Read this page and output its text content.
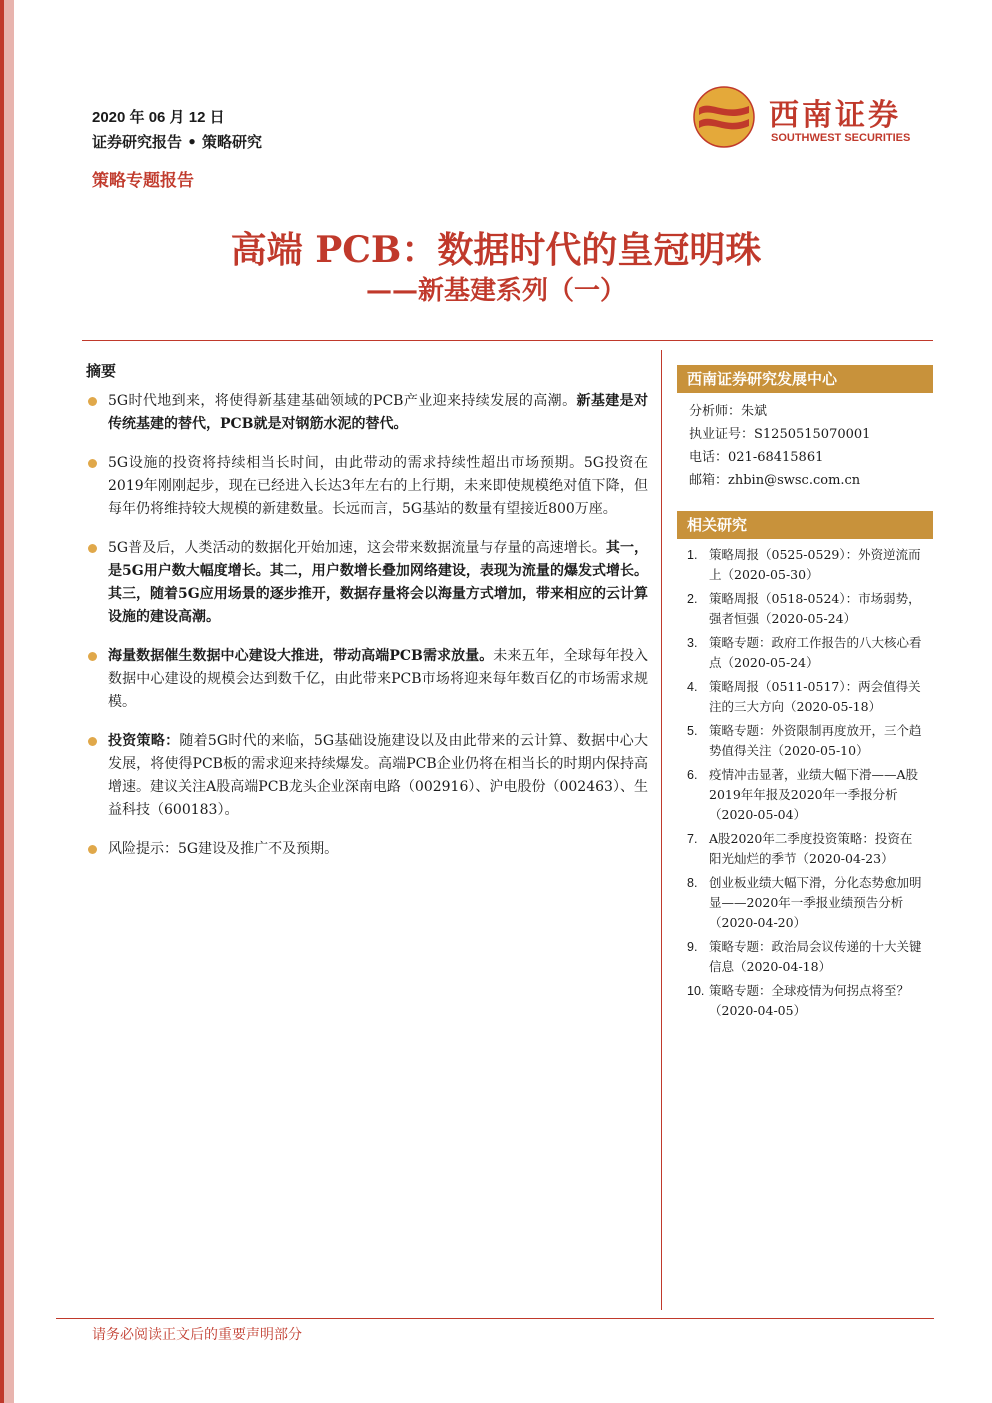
2020 年 06 月 12 日
证券研究报告 • 策略研究
策略专题报告
西南证券
SOUTHWEST SECURITIES
高端 PCB：数据时代的皇冠明珠
——新基建系列（一）
摘要
5G时代地到来，将使得新基建基础领域的PCB产业迎来持续发展的高潮。新基建是对传统基建的替代，PCB就是对钢筋水泥的替代。
5G设施的投资将持续相当长时间，由此带动的需求持续性超出市场预期。5G投资在2019年刚刚起步，现在已经进入长达3年左右的上行期，未来即使规模绝对值下降，但每年仍将维持较大规模的新建数量。长远而言，5G基站的数量有望接近800万座。
5G普及后，人类活动的数据化开始加速，这会带来数据流量与存量的高速增长。其一，是5G用户数大幅度增长。其二，用户数增长叠加网络建设，表现为流量的爆发式增长。其三，随着5G应用场景的逐步推开，数据存量将会以海量方式增加，带来相应的云计算设施的建设高潮。
海量数据催生数据中心建设大推进，带动高端PCB需求放量。未来五年，全球每年投入数据中心建设的规模会达到数千亿，由此带来PCB市场将迎来每年数百亿的市场需求规模。
投资策略：随着5G时代的来临，5G基础设施建设以及由此带来的云计算、数据中心大发展，将使得PCB板的需求迎来持续爆发。高端PCB企业仍将在相当长的时期内保持高增速。建议关注A股高端PCB龙头企业深南电路（002916）、沪电股份（002463）、生益科技（600183）。
风险提示：5G建设及推广不及预期。
西南证券研究发展中心
分析师：朱斌
执业证号：S1250515070001
电话：021-68415861
邮箱：zhbin@swsc.com.cn
相关研究
1. 策略周报（0525-0529）：外资逆流而上（2020-05-30）
2. 策略周报（0518-0524）：市场弱势，强者恒强（2020-05-24）
3. 策略专题：政府工作报告的八大核心看点（2020-05-24）
4. 策略周报（0511-0517）：两会值得关注的三大方向（2020-05-18）
5. 策略专题：外资限制再度放开，三个趋势值得关注（2020-05-10）
6. 疫情冲击显著，业绩大幅下滑——A股2019年年报及2020年一季报分析（2020-05-04）
7. A股2020年二季度投资策略：投资在阳光灿烂的季节（2020-04-23）
8. 创业板业绩大幅下滑，分化态势愈加明显——2020年一季报业绩预告分析（2020-04-20）
9. 策略专题：政治局会议传递的十大关键信息（2020-04-18）
10. 策略专题：全球疫情为何拐点将至？（2020-04-05）
请务必阅读正文后的重要声明部分
